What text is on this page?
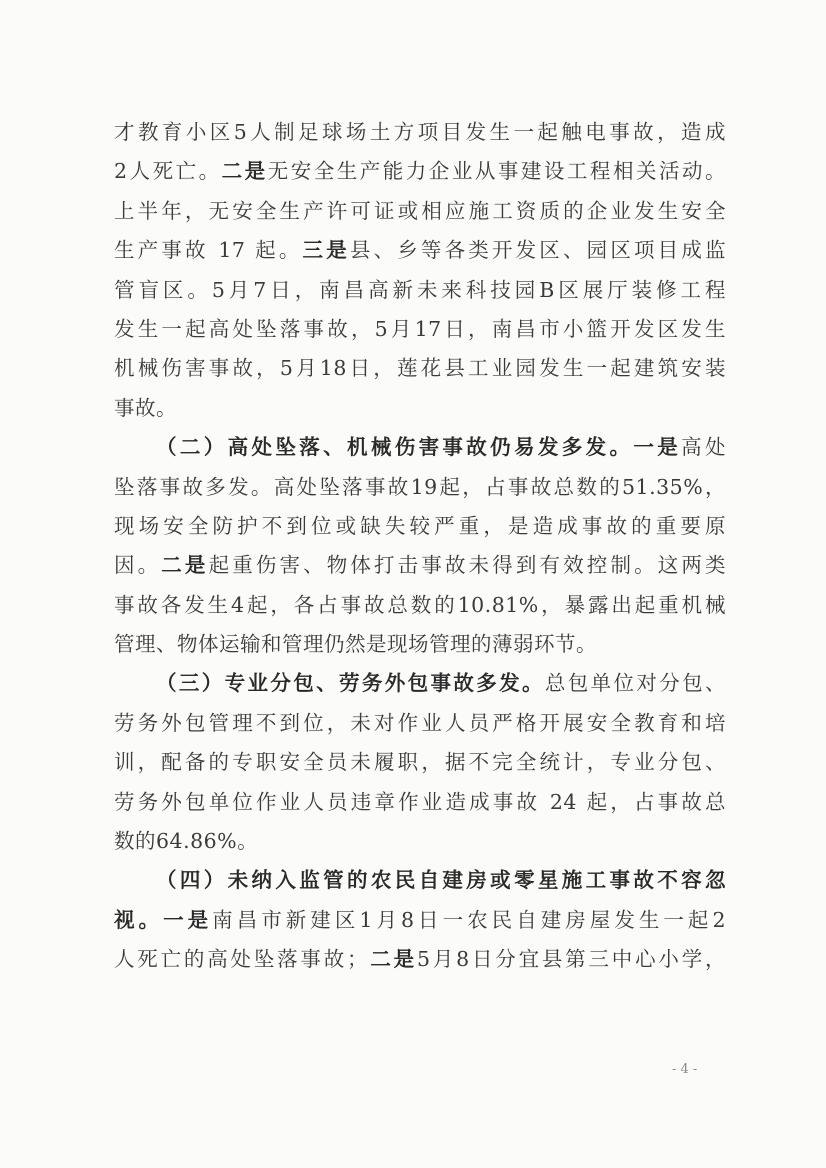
才教育小区5人制足球场土方项目发生一起触电事故，造成
2人死亡。二是无安全生产能力企业从事建设工程相关活动。
上半年，无安全生产许可证或相应施工资质的企业发生安全
生产事故 17 起。三是县、乡等各类开发区、园区项目成监
管盲区。5月7日，南昌高新未来科技园B区展厅装修工程
发生一起高处坠落事故，5月17日，南昌市小篮开发区发生
机械伤害事故，5月18日，莲花县工业园发生一起建筑安装
事故。
（二）高处坠落、机械伤害事故仍易发多发。一是高处
坠落事故多发。高处坠落事故19起，占事故总数的51.35%，
现场安全防护不到位或缺失较严重，是造成事故的重要原
因。二是起重伤害、物体打击事故未得到有效控制。这两类
事故各发生4起，各占事故总数的10.81%，暴露出起重机械
管理、物体运输和管理仍然是现场管理的薄弱环节。
（三）专业分包、劳务外包事故多发。总包单位对分包、
劳务外包管理不到位，未对作业人员严格开展安全教育和培
训，配备的专职安全员未履职，据不完全统计，专业分包、
劳务外包单位作业人员违章作业造成事故 24 起，占事故总
数的64.86%。
（四）未纳入监管的农民自建房或零星施工事故不容忽
视。一是南昌市新建区1月8日一农民自建房屋发生一起2
人死亡的高处坠落事故；二是5月8日分宜县第三中心小学，
- 4 -
